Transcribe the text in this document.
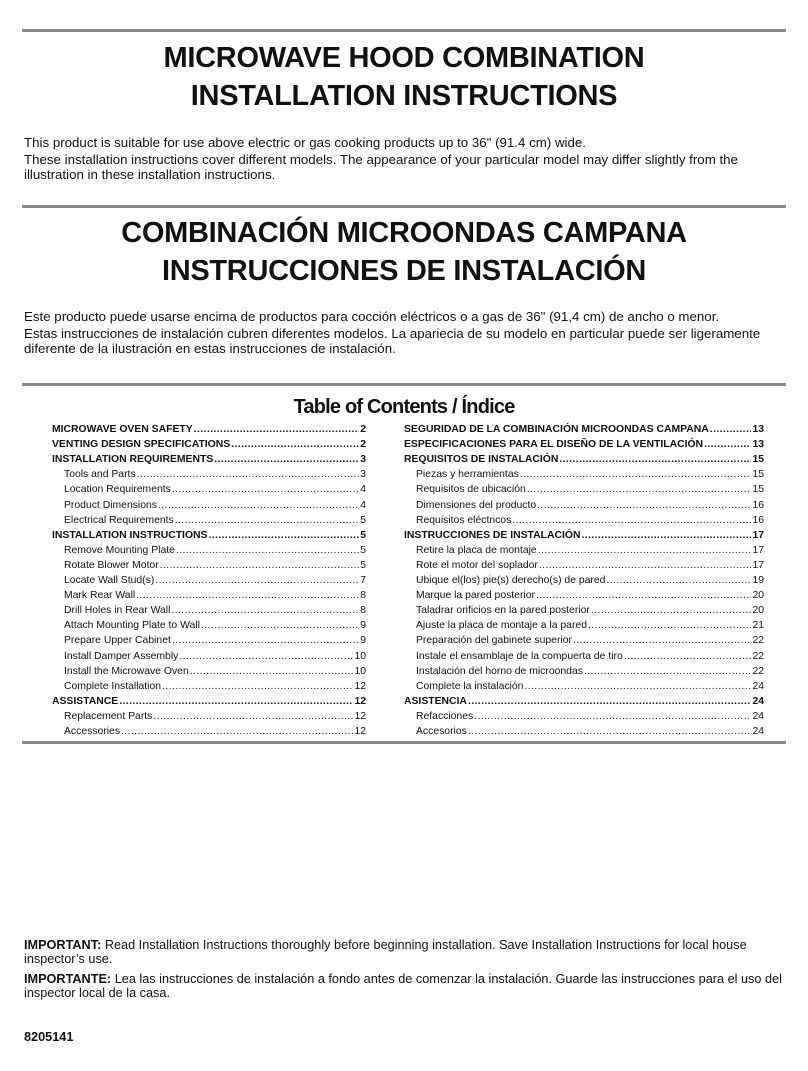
MICROWAVE HOOD COMBINATION
INSTALLATION INSTRUCTIONS

This product is suitable for use above electric or gas cooking products up to 36" (91.4 cm) wide.

These installation instructions cover different models. The appearance of your particular model may differ slightly from the illustration in these installation instructions.

COMBINACIÓN MICROONDAS CAMPANA
INSTRUCCIONES DE INSTALACIÓN

Este producto puede usarse encima de productos para cocción eléctricos o a gas de 36" (91,4 cm) de ancho o menor.

Estas instrucciones de instalación cubren diferentes modelos. La apariecia de su modelo en particular puede ser ligeramente diferente de la ilustración en estas instrucciones de instalación.

Table of Contents / Índice
MICROWAVE OVEN SAFETY .....	2
VENTING DESIGN SPECIFICATIONS .....	2
INSTALLATION REQUIREMENTS .....	3
Tools and Parts .....	3
Location Requirements .....	4
Product Dimensions .....	4
Electrical Requirements .....	5
INSTALLATION INSTRUCTIONS .....	5
Remove Mounting Plate .....	5
Rotate Blower Motor .....	5
Locate Wall Stud(s) .....	7
Mark Rear Wall .....	8
Drill Holes in Rear Wall .....	8
Attach Mounting Plate to Wall .....	9
Prepare Upper Cabinet .....	9
Install Damper Assembly .....	10
Install the Microwave Oven .....	10
Complete Installation .....	12
ASSISTANCE .....	12
Replacement Parts .....	12
Accessories .....	12
SEGURIDAD DE LA COMBINACIÓN MICROONDAS CAMPANA .....	13
ESPECIFICACIONES PARA EL DISEÑO DE LA VENTILACIÓN .....	13
REQUISITOS DE INSTALACIÓN .....	15
Piezas y herramientas .....	15
Requisitos de ubicación .....	15
Dimensiones del producto .....	16
Requisitos eléctricos .....	16
INSTRUCCIONES DE INSTALACIÓN .....	17
Retire la placa de montaje .....	17
Rote el motor del soplador .....	17
Ubique el(los) pie(s) derecho(s) de pared .....	19
Marque la pared posterior .....	20
Taladrar orificios en la pared posterior .....	20
Ajuste la placa de montaje a la pared .....	21
Preparación del gabinete superior .....	22
Instale el ensamblaje de la compuerta de tiro .....	22
Instalación del horno de microondas .....	22
Complete la instalación .....	24
ASISTENCIA .....	24
Refacciones .....	24
Accesorios .....	24

IMPORTANT: Read Installation Instructions thoroughly before beginning installation. Save Installation Instructions for local house inspector’s use.

IMPORTANTE: Lea las instrucciones de instalación a fondo antes de comenzar la instalación. Guarde las instrucciones para el uso del inspector local de la casa.

8205141
